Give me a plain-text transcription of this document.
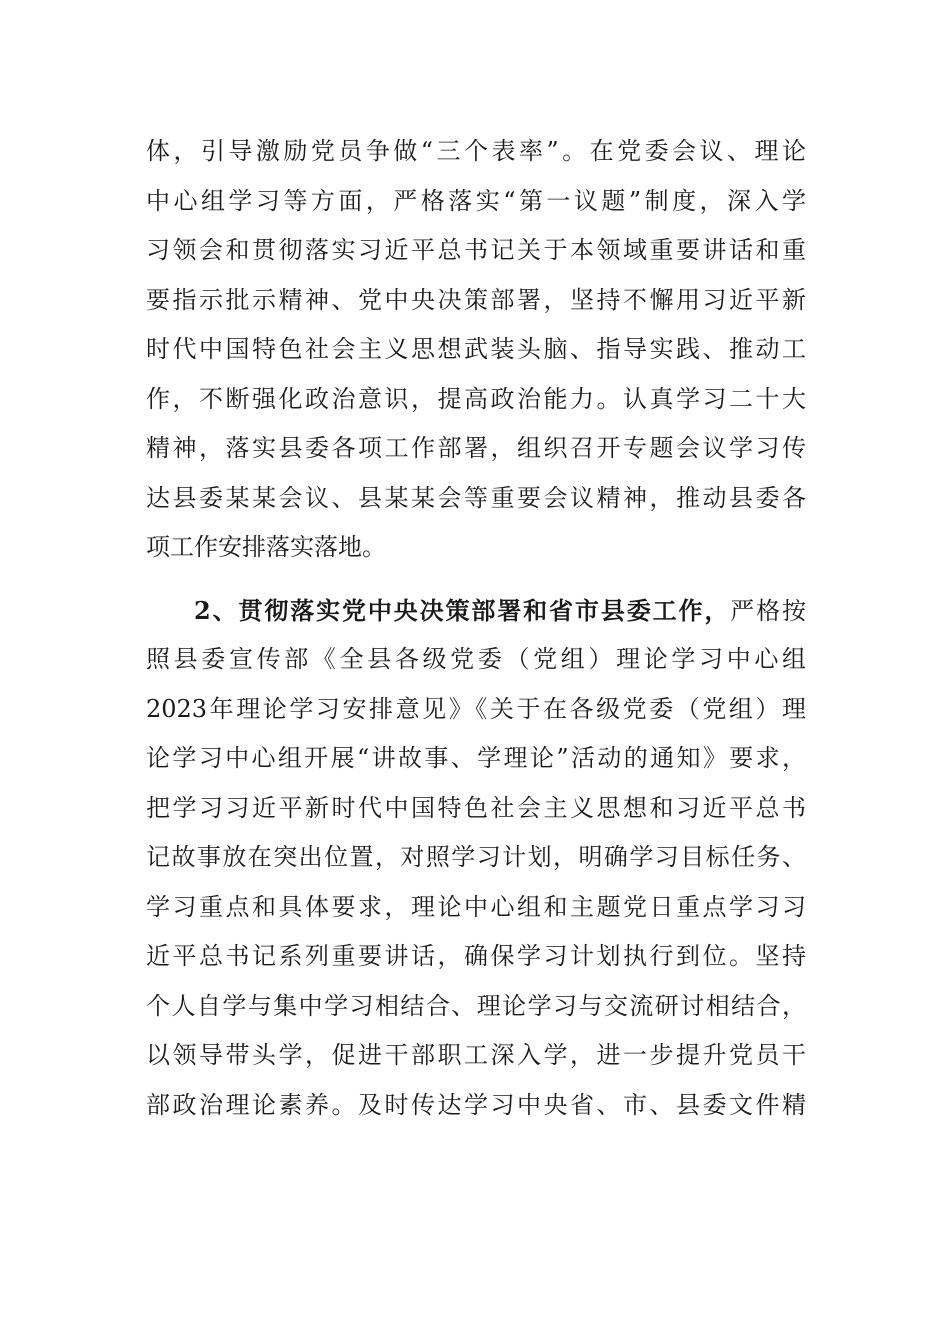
体，引导激励党员争做“三个表率”。在党委会议、理论
中心组学习等方面，严格落实“第一议题”制度，深入学
习领会和贯彻落实习近平总书记关于本领域重要讲话和重
要指示批示精神、党中央决策部署，坚持不懈用习近平新
时代中国特色社会主义思想武装头脑、指导实践、推动工
作，不断强化政治意识，提高政治能力。认真学习二十大
精神，落实县委各项工作部署，组织召开专题会议学习传
达县委某某会议、县某某会等重要会议精神，推动县委各
项工作安排落实落地。
2、贯彻落实党中央决策部署和省市县委工作，严格按
照县委宣传部《全县各级党委（党组）理论学习中心组
2023年理论学习安排意见》《关于在各级党委（党组）理
论学习中心组开展“讲故事、学理论”活动的通知》要求，
把学习习近平新时代中国特色社会主义思想和习近平总书
记故事放在突出位置，对照学习计划，明确学习目标任务、
学习重点和具体要求，理论中心组和主题党日重点学习习
近平总书记系列重要讲话，确保学习计划执行到位。坚持
个人自学与集中学习相结合、理论学习与交流研讨相结合，
以领导带头学，促进干部职工深入学，进一步提升党员干
部政治理论素养。及时传达学习中央省、市、县委文件精
